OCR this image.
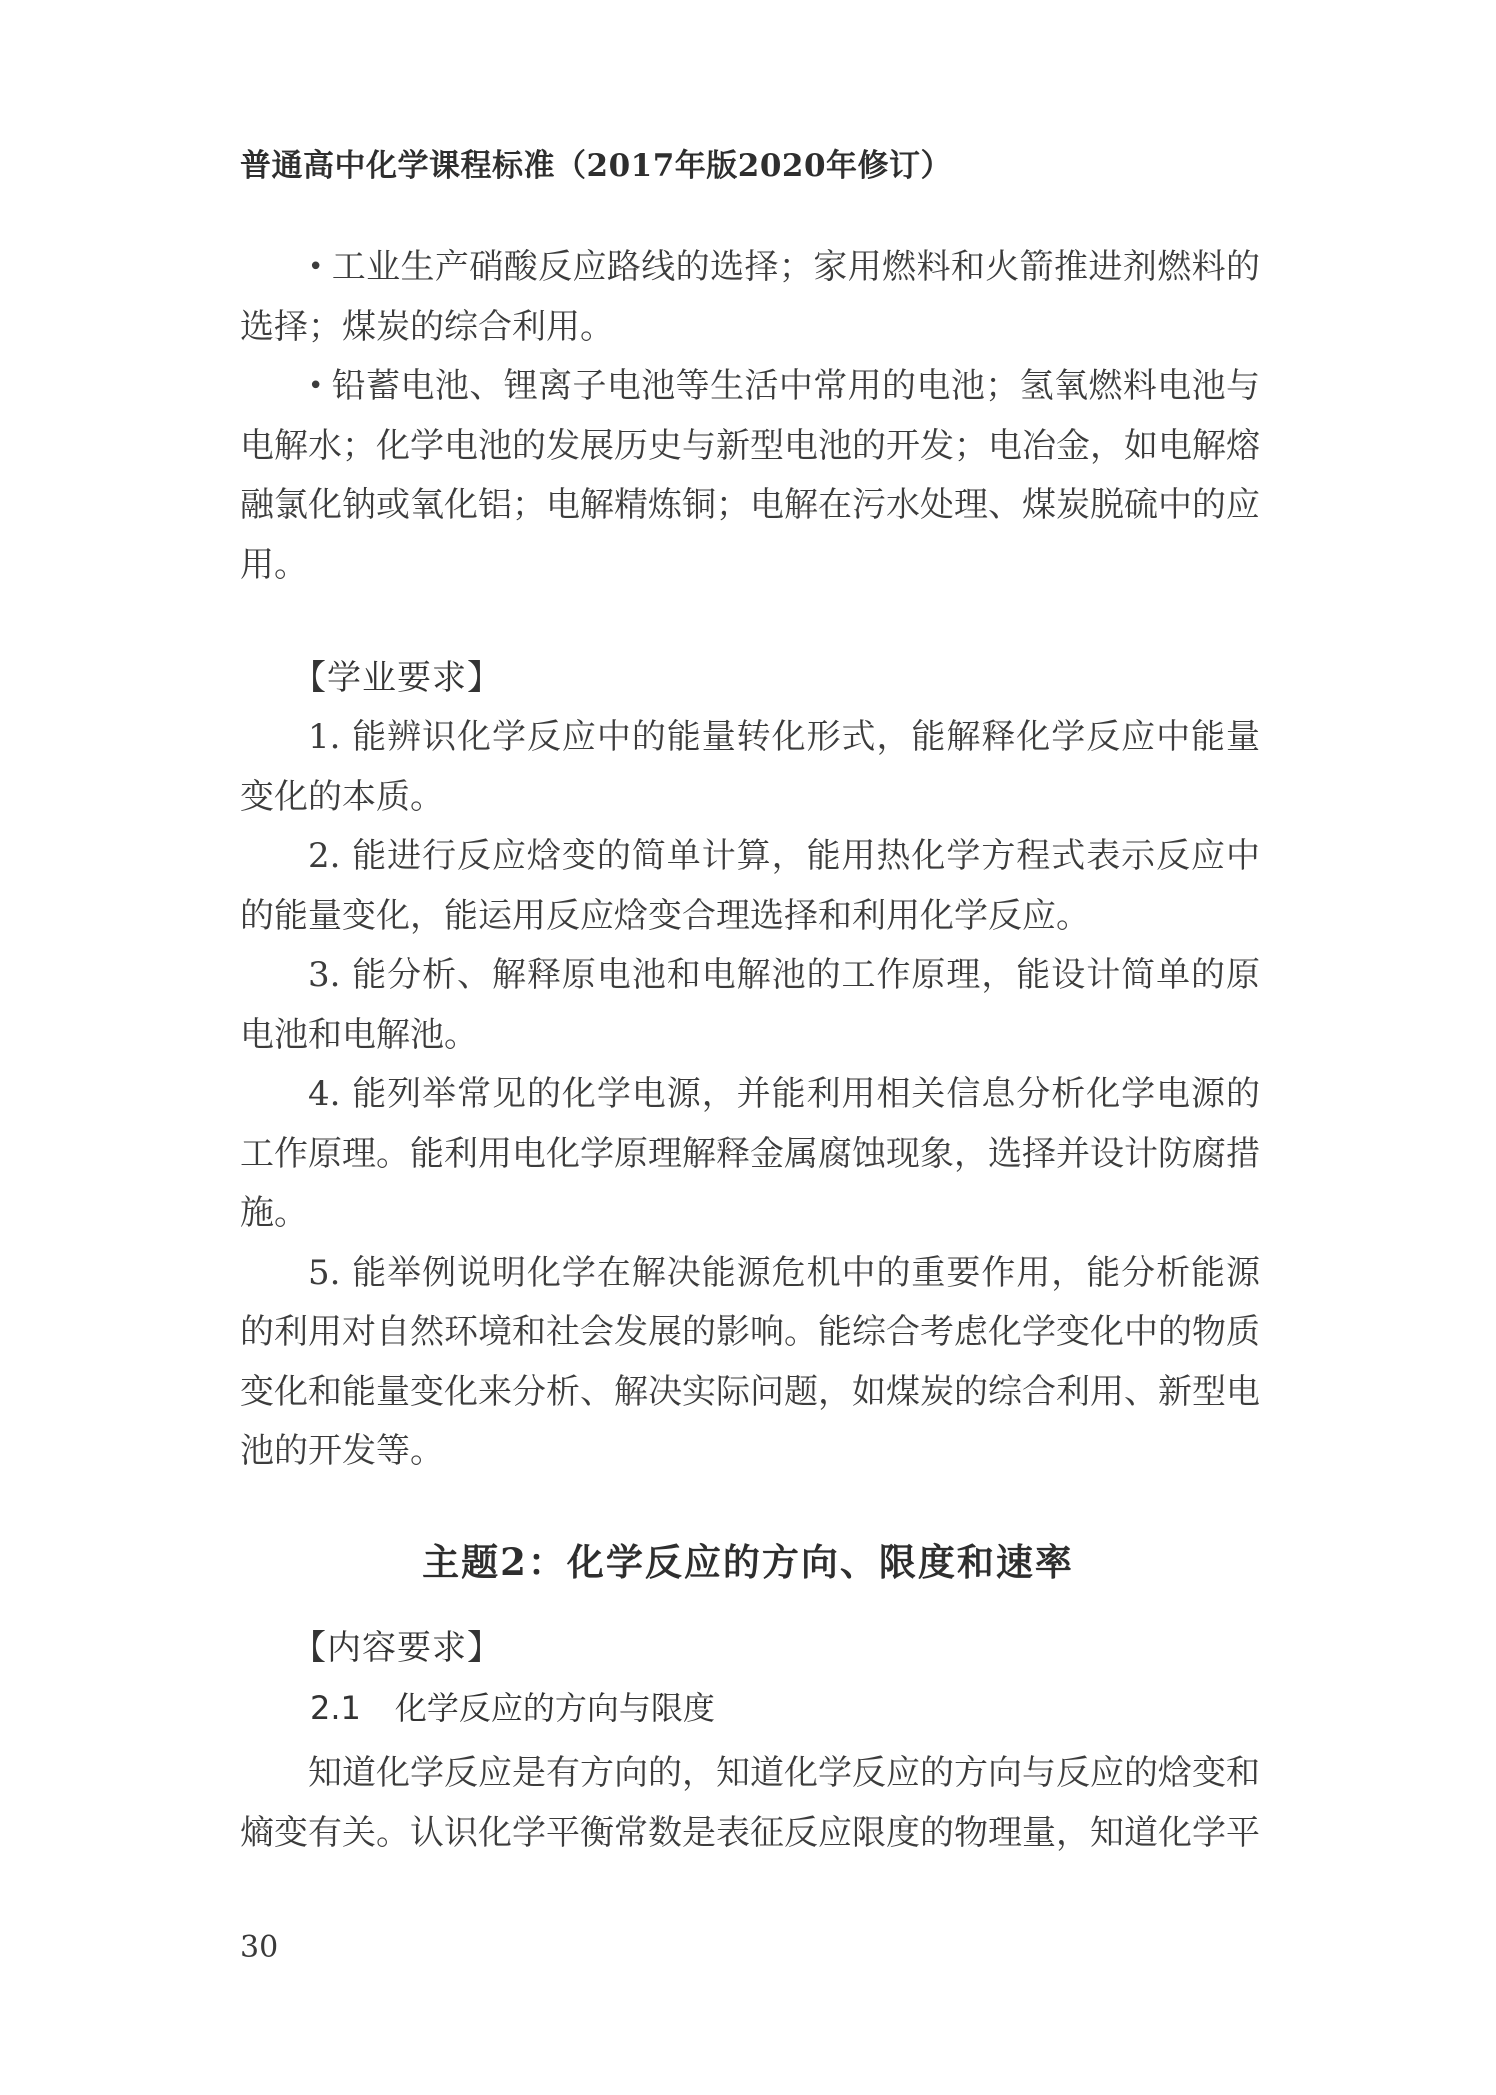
普通高中化学课程标准（2017年版2020年修订）

• 工业生产硝酸反应路线的选择；家用燃料和火箭推进剂燃料的选择；煤炭的综合利用。

• 铅蓄电池、锂离子电池等生活中常用的电池；氢氧燃料电池与电解水；化学电池的发展历史与新型电池的开发；电冶金，如电解熔融氯化钠或氧化铝；电解精炼铜；电解在污水处理、煤炭脱硫中的应用。

【学业要求】

1. 能辨识化学反应中的能量转化形式，能解释化学反应中能量变化的本质。

2. 能进行反应焓变的简单计算，能用热化学方程式表示反应中的能量变化，能运用反应焓变合理选择和利用化学反应。

3. 能分析、解释原电池和电解池的工作原理，能设计简单的原电池和电解池。

4. 能列举常见的化学电源，并能利用相关信息分析化学电源的工作原理。能利用电化学原理解释金属腐蚀现象，选择并设计防腐措施。

5. 能举例说明化学在解决能源危机中的重要作用，能分析能源的利用对自然环境和社会发展的影响。能综合考虑化学变化中的物质变化和能量变化来分析、解决实际问题，如煤炭的综合利用、新型电池的开发等。

主题2：化学反应的方向、限度和速率

【内容要求】

2.1 化学反应的方向与限度

知道化学反应是有方向的，知道化学反应的方向与反应的焓变和熵变有关。认识化学平衡常数是表征反应限度的物理量，知道化学平

30
